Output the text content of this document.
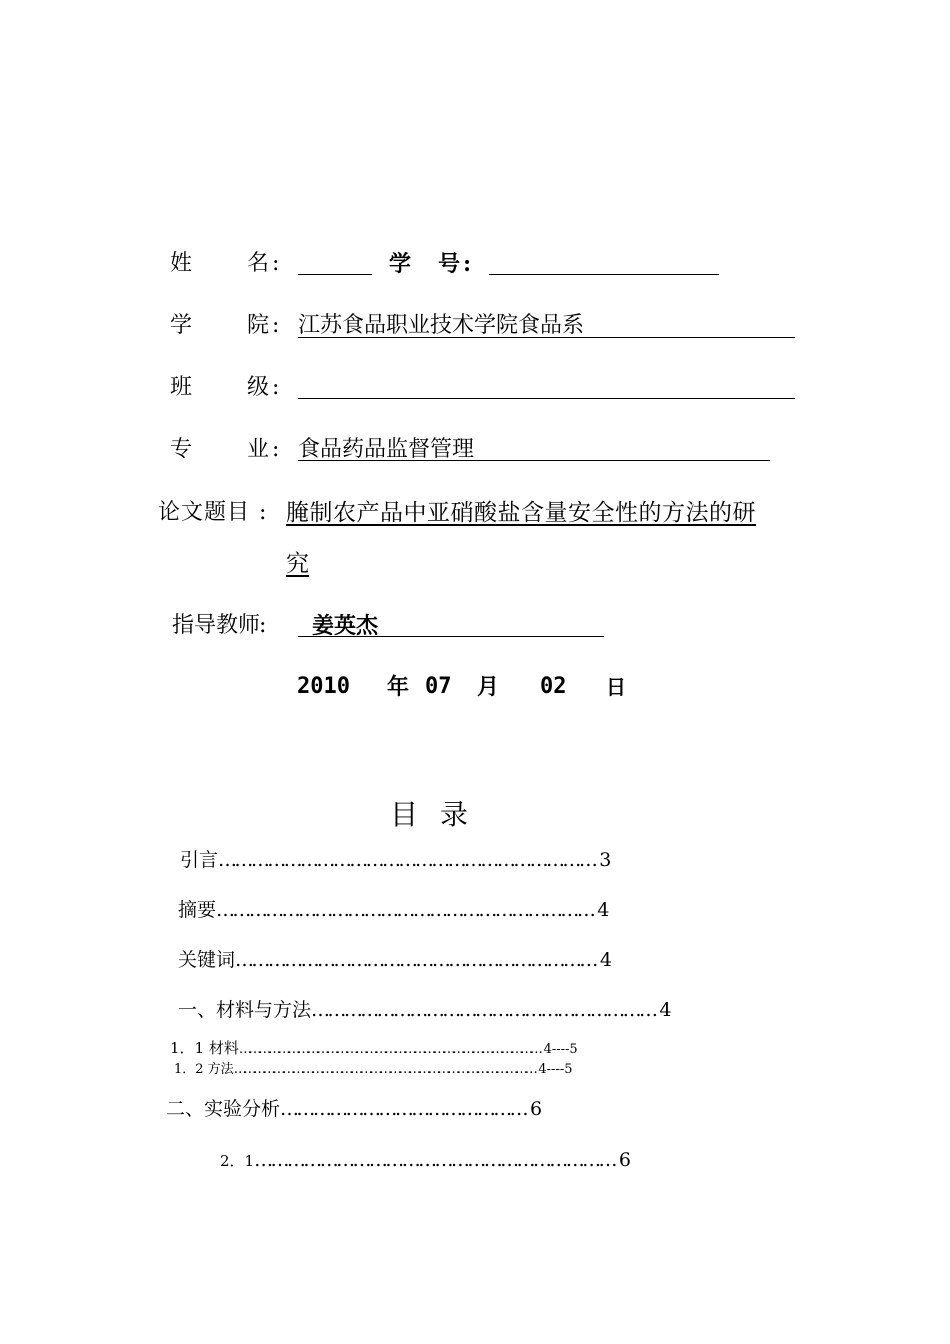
姓 名 :	学 号 :
学 院 : 江苏食品职业技术学院食品系
班 级 :
专 业 : 食品药品监督管理
论文题目 : 腌制农产品中亚硝酸盐含量安全性的方法的研
究
指导教师
: 姜英杰
2010 年 07 月 02 日
目录
引言…………………………………………………………… 3
摘要…………………………………………………………… 4
关键词………………………………………………………… 4
一、材料与方法……………………………………………………… 4
1．1 材料………………………………………………………………………………… 4----5
1．2 方法………………………………………………………………………………… 4----5
二、实验分析……………………………………… 6
2．1………………………………………………………… 6
